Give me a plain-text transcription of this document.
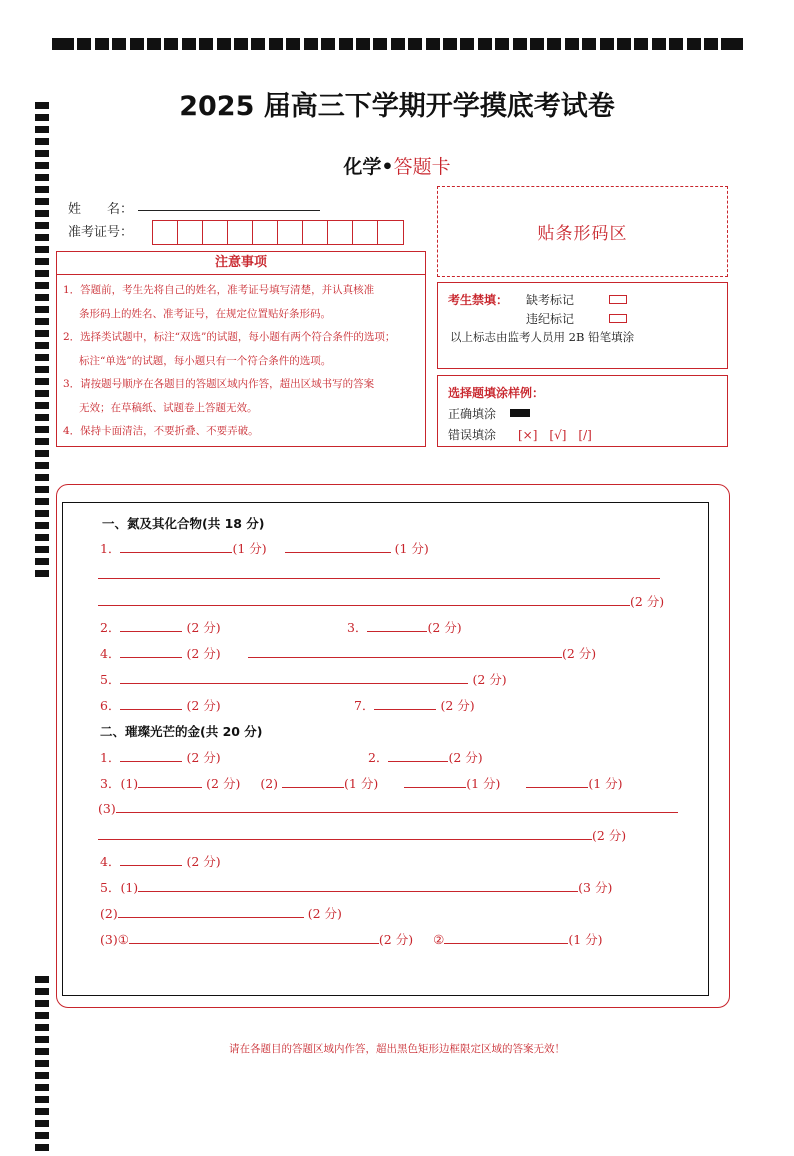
2025 届高三下学期开学摸底考试卷
化学•答题卡
姓　　名：
准考证号：
注意事项

1．答题前，考生先将自己的姓名，准考证号填写清楚，并认真核准

条形码上的姓名、准考证号，在规定位置贴好条形码。

2．选择类试题中，标注“双选”的试题，每小题有两个符合条件的选项；

标注“单选”的试题，每小题只有一个符合条件的选项。

3．请按题号顺序在各题目的答题区域内作答，超出区域书写的答案

无效；在草稿纸、试题卷上答题无效。

4．保持卡面清洁，不要折叠、不要弄破。

贴条形码区
考生禁填： 缺考标记
违纪标记
以上标志由监考人员用 2B 铅笔填涂
选择题填涂样例：
正确填涂
错误填涂 [×]　[√]　[/]
一、氮及其化合物(共 18 分)
1．	(1 分)	(1 分)
(2 分)
2．	(2 分)	3．	(2 分)
4．	(2 分)	(2 分)
5．	(2 分)
6．	(2 分)	7．	(2 分)
二、璀璨光芒的金(共 20 分)
1．	(2 分)	2．	(2 分)
3．(1)	(2 分) (2)	(1 分)	(1 分)	(1 分)
(3)
(2 分)
4．	(2 分)
5．(1)	(3 分)
(2)	(2 分)
(3)①	(2 分) ②	(1 分)
请在各题目的答题区域内作答，超出黑色矩形边框限定区域的答案无效！
